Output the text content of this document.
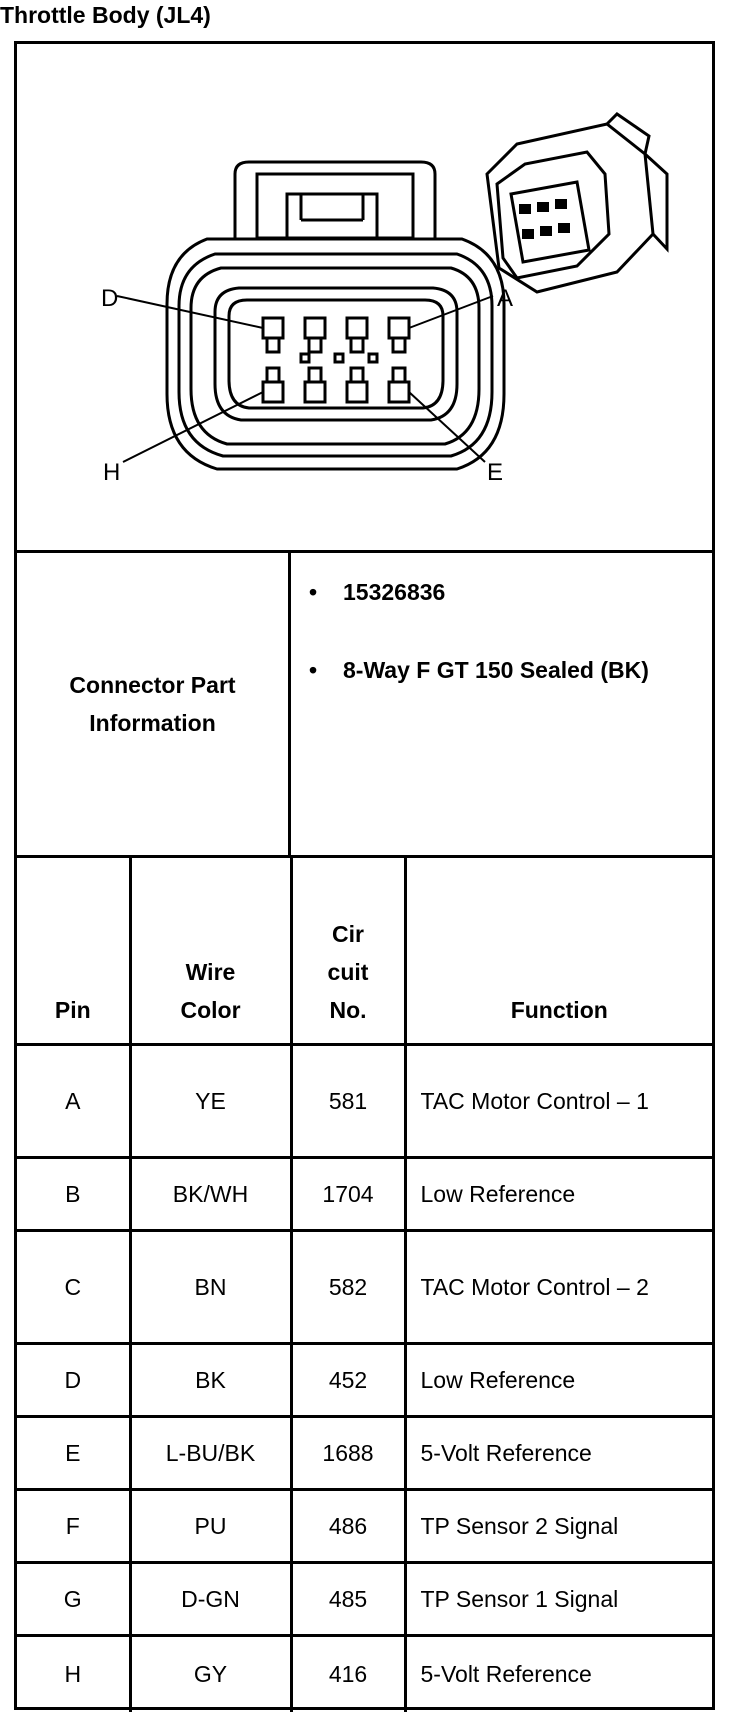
Throttle Body (JL4)
D	A
H	E
Connector Part Information
• 15326836
• 8-Way F GT 150 Sealed (BK)
Pin	Wire Color	Cir cuit No.	Function
A	YE	581	TAC Motor Control – 1

B	BK/WH	1704	Low Reference
C	BN	582	TAC Motor Control – 2

D	BK	452	Low Reference
E	L-BU/BK	1688	5-Volt Reference
F	PU	486	TP Sensor 2 Signal
G	D-GN	485	TP Sensor 1 Signal
H	GY	416	5-Volt Reference
